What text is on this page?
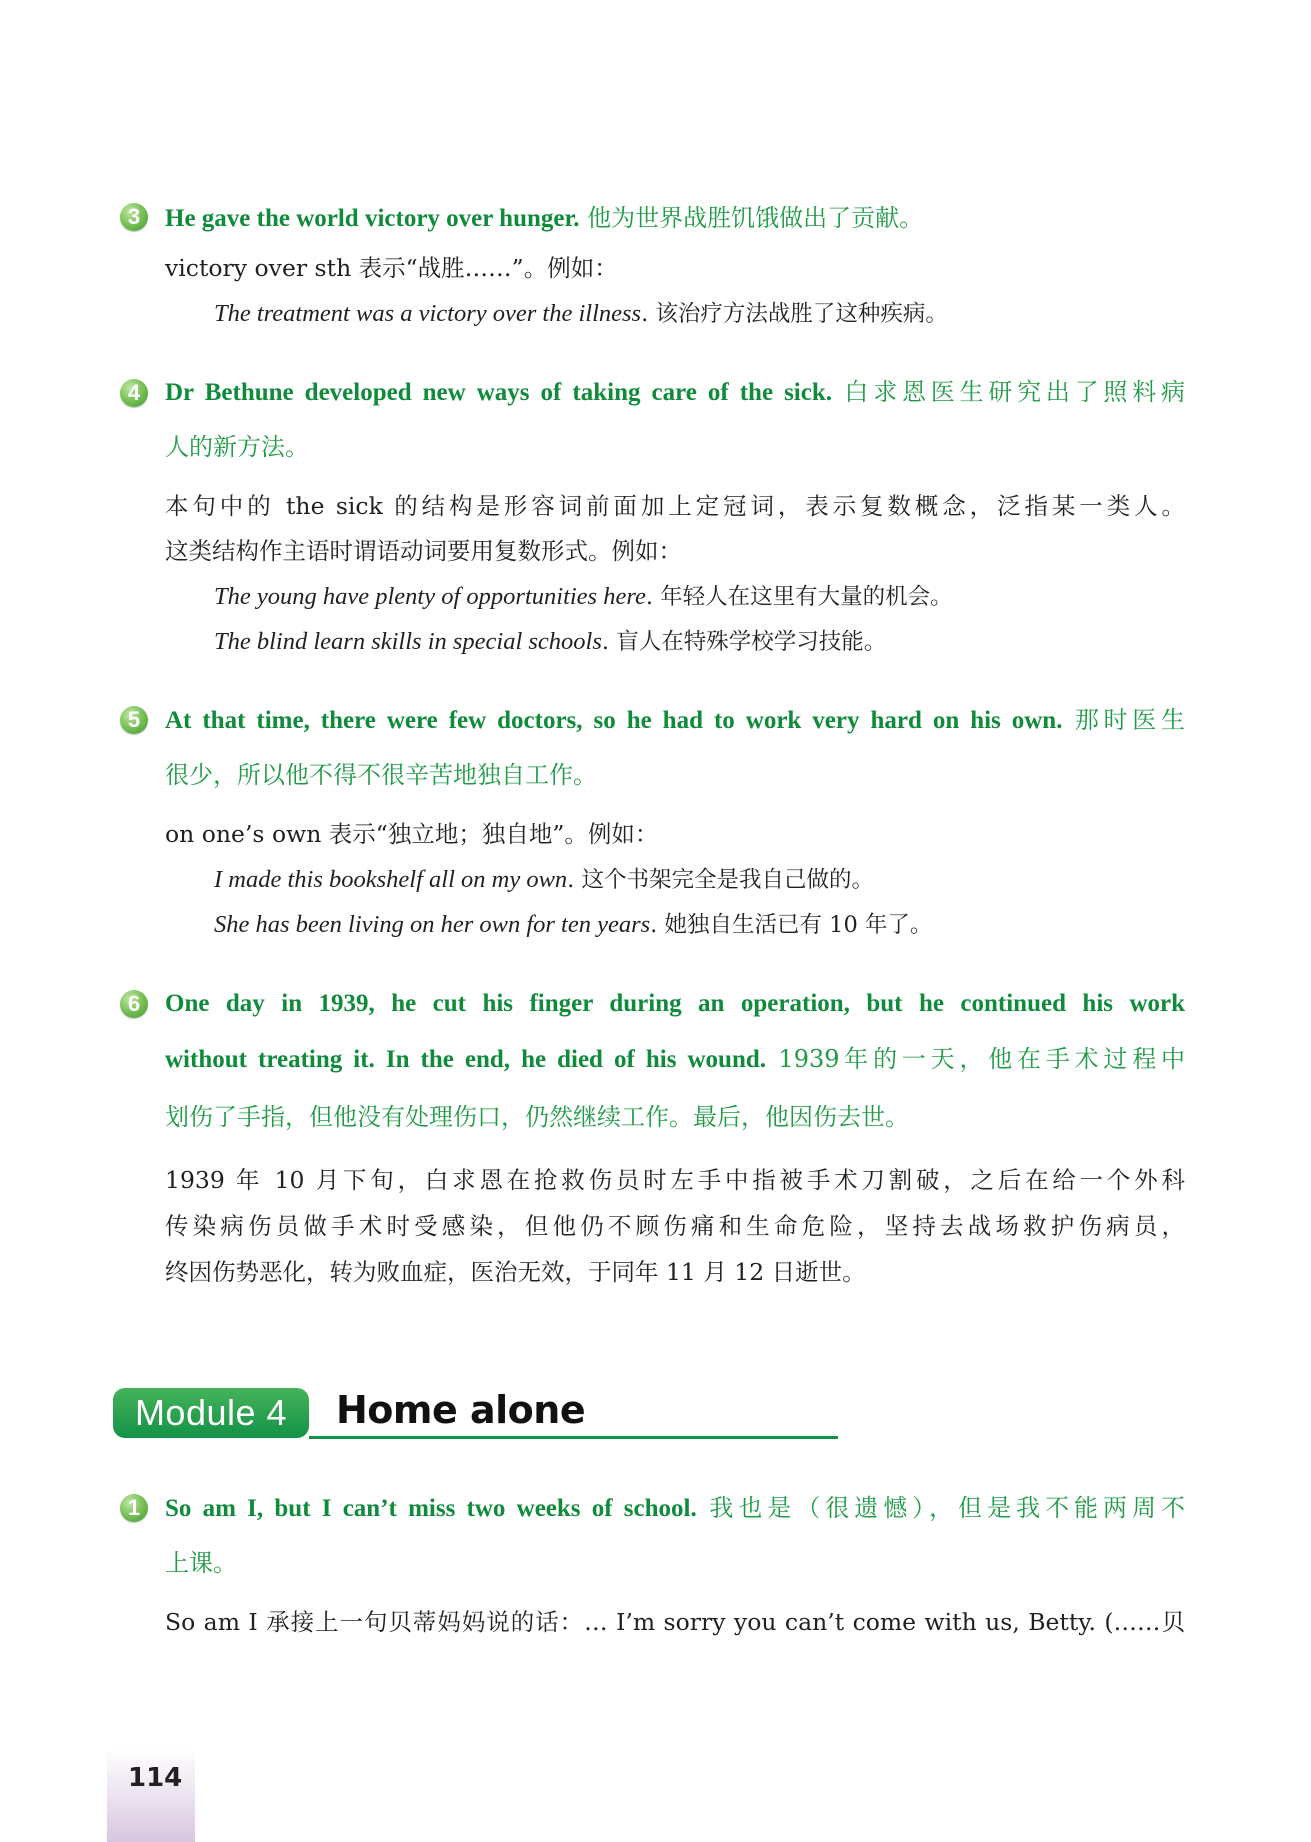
3 He gave the world victory over hunger. 他为世界战胜饥饿做出了贡献。
victory over sth 表示“战胜……”。例如：
The treatment was a victory over the illness. 该治疗方法战胜了这种疾病。
4 Dr Bethune developed new ways of taking care of the sick. 白求恩医生研究出了照料病
人的新方法。
本句中的 the sick 的结构是形容词前面加上定冠词，表示复数概念，泛指某一类人。
这类结构作主语时谓语动词要用复数形式。例如：
The young have plenty of opportunities here. 年轻人在这里有大量的机会。
The blind learn skills in special schools. 盲人在特殊学校学习技能。
5 At that time, there were few doctors, so he had to work very hard on his own. 那时医生
很少，所以他不得不很辛苦地独自工作。
on one’s own 表示“独立地；独自地”。例如：
I made this bookshelf all on my own. 这个书架完全是我自己做的。
She has been living on her own for ten years. 她独自生活已有 10 年了。
6 One day in 1939, he cut his finger during an operation, but he continued his work
without treating it. In the end, he died of his wound. 1939年的一天，他在手术过程中
划伤了手指，但他没有处理伤口，仍然继续工作。最后，他因伤去世。
1939 年 10 月下旬，白求恩在抢救伤员时左手中指被手术刀割破，之后在给一个外科
传染病伤员做手术时受感染，但他仍不顾伤痛和生命危险，坚持去战场救护伤病员，
终因伤势恶化，转为败血症，医治无效，于同年 11 月 12 日逝世。
Module 4	Home alone
1 So am I, but I can’t miss two weeks of school. 我也是（很遗憾），但是我不能两周不
上课。
So am I 承接上一句贝蒂妈妈说的话：… I’m sorry you can’t come with us, Betty. (……贝
114
